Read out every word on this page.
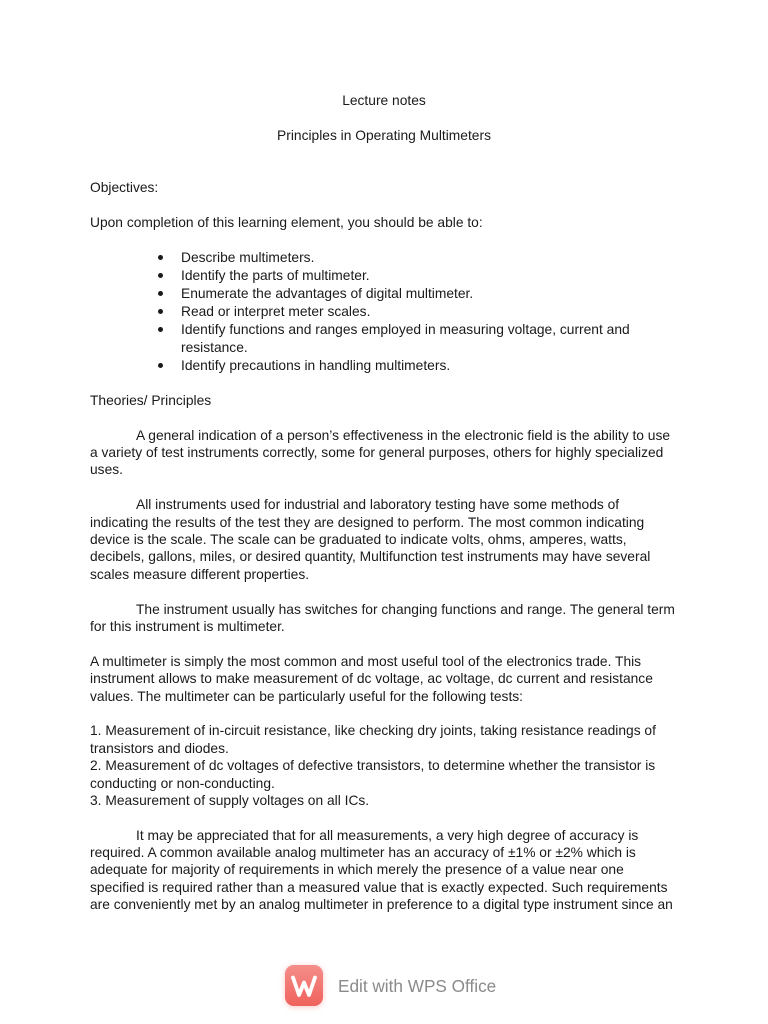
Lecture notes
Principles in Operating Multimeters
Objectives:
Upon completion of this learning element, you should be able to:
Describe multimeters.
Identify the parts of multimeter.
Enumerate the advantages of digital multimeter.
Read or interpret meter scales.
Identify functions and ranges employed in measuring voltage, current and
resistance.
Identify precautions in handling multimeters.
Theories/ Principles
A general indication of a person’s effectiveness in the electronic field is the ability to use
a variety of test instruments correctly, some for general purposes, others for highly specialized
uses.
All instruments used for industrial and laboratory testing have some methods of
indicating the results of the test they are designed to perform. The most common indicating
device is the scale. The scale can be graduated to indicate volts, ohms, amperes, watts,
decibels, gallons, miles, or desired quantity, Multifunction test instruments may have several
scales measure different properties.
The instrument usually has switches for changing functions and range. The general term
for this instrument is multimeter.
A multimeter is simply the most common and most useful tool of the electronics trade. This
instrument allows to make measurement of dc voltage, ac voltage, dc current and resistance
values. The multimeter can be particularly useful for the following tests:
1. Measurement of in-circuit resistance, like checking dry joints, taking resistance readings of
transistors and diodes.
2. Measurement of dc voltages of defective transistors, to determine whether the transistor is
conducting or non-conducting.
3. Measurement of supply voltages on all ICs.
It may be appreciated that for all measurements, a very high degree of accuracy is
required. A common available analog multimeter has an accuracy of ±1% or ±2% which is
adequate for majority of requirements in which merely the presence of a value near one
specified is required rather than a measured value that is exactly expected. Such requirements
are conveniently met by an analog multimeter in preference to a digital type instrument since an
Edit with WPS Office
